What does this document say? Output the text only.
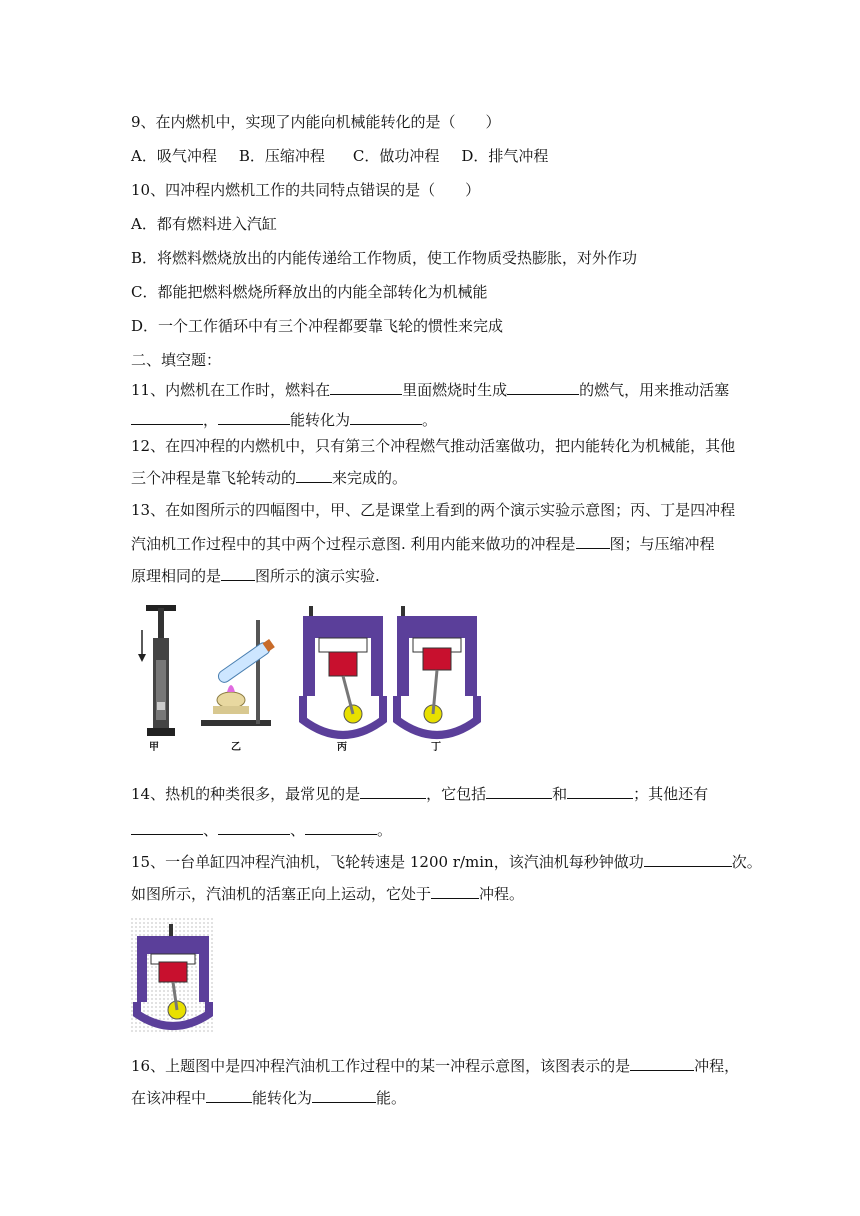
9、在内燃机中，实现了内能向机械能转化的是（　　）
A．吸气冲程 B．压缩冲程 C．做功冲程 D．排气冲程
10、四冲程内燃机工作的共同特点错误的是（　　）
A．都有燃料进入汽缸
B．将燃料燃烧放出的内能传递给工作物质，使工作物质受热膨胀，对外作功
C．都能把燃料燃烧所释放出的内能全部转化为机械能
D．一个工作循环中有三个冲程都要靠飞轮的惯性来完成
二、填空题：
11、内燃机在工作时，燃料在	里面燃烧时生成	的燃气，用来推动活塞
，	能转化为	。
12、在四冲程的内燃机中，只有第三个冲程燃气推动活塞做功，把内能转化为机械能，其他
三个冲程是靠飞轮转动的 来完成的。
13、在如图所示的四幅图中，甲、乙是课堂上看到的两个演示实验示意图；丙、丁是四冲程
汽油机工作过程中的其中两个过程示意图. 利用内能来做功的冲程是 图；与压缩冲程
原理相同的是 图所示的演示实验.
甲	乙	丙	丁
14、热机的种类很多，最常见的是	，它包括	和	；其他还有
、	、	。
15、一台单缸四冲程汽油机，飞轮转速是 1200 r/min，该汽油机每秒钟做功	次。
如图所示，汽油机的活塞正向上运动，它处于	冲程。
16、上题图中是四冲程汽油机工作过程中的某一冲程示意图，该图表示的是	冲程，
在该冲程中	能转化为	能。
